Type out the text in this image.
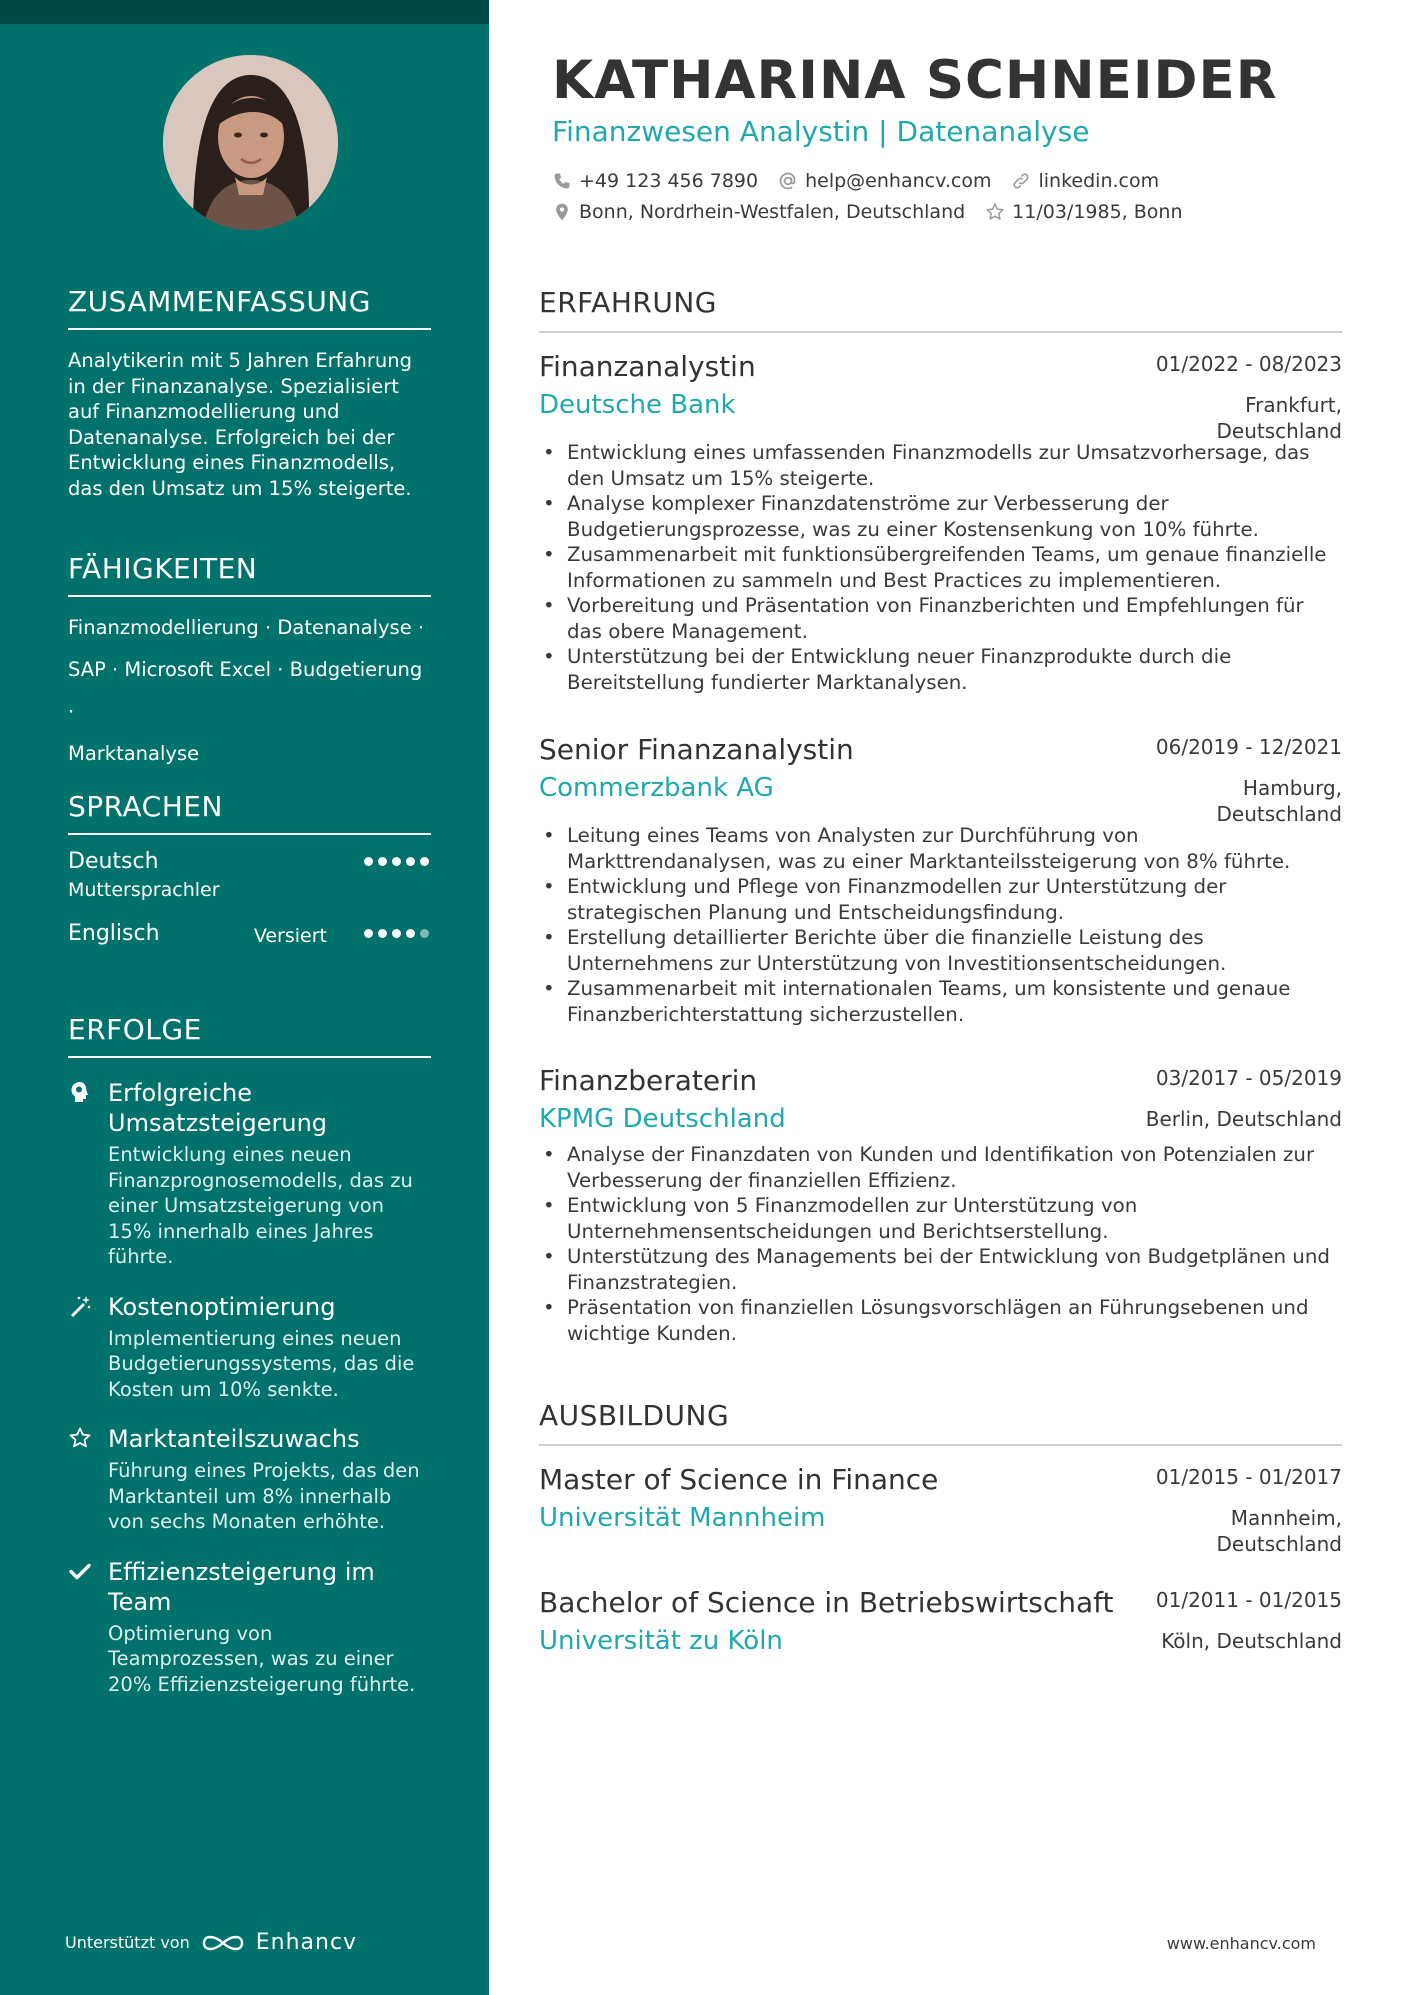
ZUSAMMENFASSUNG
Analytikerin mit 5 Jahren Erfahrung in der Finanzanalyse. Spezialisiert auf Finanzmodellierung und Datenanalyse. Erfolgreich bei der Entwicklung eines Finanzmodells, das den Umsatz um 15% steigerte.
FÄHIGKEITEN
Finanzmodellierung · Datenanalyse ·
SAP · Microsoft Excel · Budgetierung ·
Marktanalyse
SPRACHEN
Deutsch
Muttersprachler
Englisch	Versiert
ERFOLGE
Erfolgreiche Umsatzsteigerung
Entwicklung eines neuen Finanzprognosemodells, das zu einer Umsatzsteigerung von 15% innerhalb eines Jahres führte.
Kostenoptimierung
Implementierung eines neuen Budgetierungssystems, das die Kosten um 10% senkte.
Marktanteilszuwachs
Führung eines Projekts, das den Marktanteil um 8% innerhalb von sechs Monaten erhöhte.
Effizienzsteigerung im Team
Optimierung von Teamprozessen, was zu einer 20% Effizienzsteigerung führte.
Unterstützt von	Enhancv
KATHARINA SCHNEIDER
Finanzwesen Analystin | Datenanalyse
+49 123 456 7890 help@enhancv.com linkedin.com
Bonn, Nordrhein-Westfalen, Deutschland 11/03/1985, Bonn
ERFAHRUNG
Finanzanalystin	01/2022 - 08/2023
Deutsche Bank	Frankfurt,
Deutschland
• Entwicklung eines umfassenden Finanzmodells zur Umsatzvorhersage, das den Umsatz um 15% steigerte.
• Analyse komplexer Finanzdatenströme zur Verbesserung der Budgetierungsprozesse, was zu einer Kostensenkung von 10% führte.
• Zusammenarbeit mit funktionsübergreifenden Teams, um genaue finanzielle Informationen zu sammeln und Best Practices zu implementieren.
• Vorbereitung und Präsentation von Finanzberichten und Empfehlungen für das obere Management.
• Unterstützung bei der Entwicklung neuer Finanzprodukte durch die Bereitstellung fundierter Marktanalysen.
Senior Finanzanalystin	06/2019 - 12/2021
Commerzbank AG	Hamburg,
Deutschland
• Leitung eines Teams von Analysten zur Durchführung von Markttrendanalysen, was zu einer Marktanteilssteigerung von 8% führte.
• Entwicklung und Pflege von Finanzmodellen zur Unterstützung der strategischen Planung und Entscheidungsfindung.
• Erstellung detaillierter Berichte über die finanzielle Leistung des Unternehmens zur Unterstützung von Investitionsentscheidungen.
• Zusammenarbeit mit internationalen Teams, um konsistente und genaue Finanzberichterstattung sicherzustellen.
Finanzberaterin	03/2017 - 05/2019
KPMG Deutschland	Berlin, Deutschland
• Analyse der Finanzdaten von Kunden und Identifikation von Potenzialen zur Verbesserung der finanziellen Effizienz.
• Entwicklung von 5 Finanzmodellen zur Unterstützung von Unternehmensentscheidungen und Berichtserstellung.
• Unterstützung des Managements bei der Entwicklung von Budgetplänen und Finanzstrategien.
• Präsentation von finanziellen Lösungsvorschlägen an Führungsebenen und wichtige Kunden.
AUSBILDUNG
Master of Science in Finance	01/2015 - 01/2017
Universität Mannheim	Mannheim,
Deutschland
Bachelor of Science in Betriebswirtschaft 01/2011 - 01/2015
Universität zu Köln	Köln, Deutschland
www.enhancv.com
